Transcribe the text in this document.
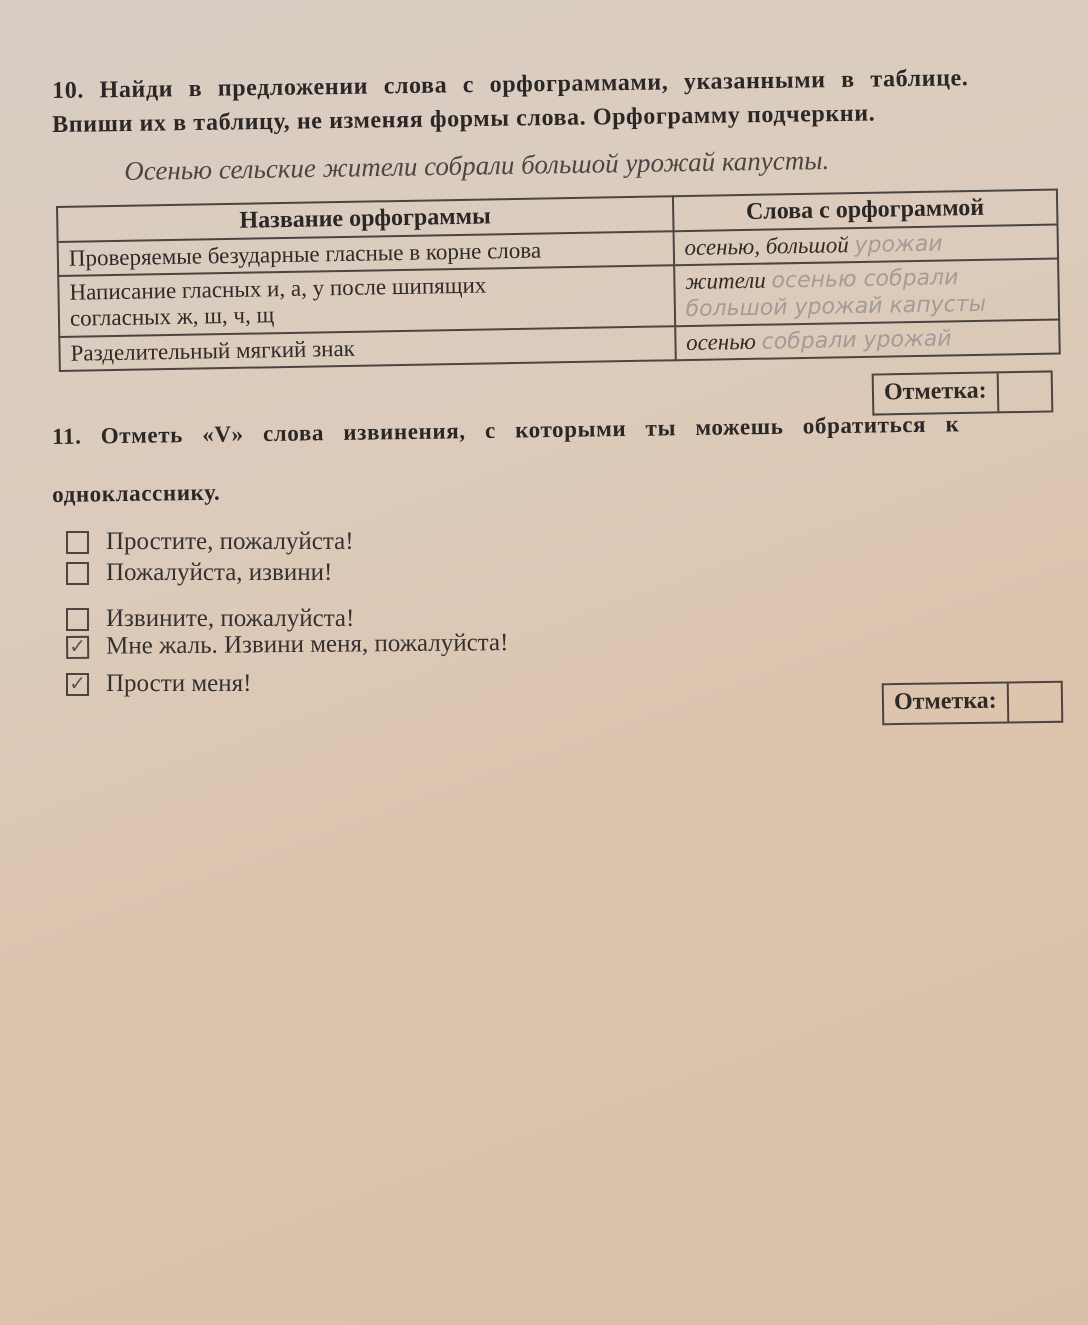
10. Найди в предложении слова с орфограммами, указанными в таблице.
Впиши их в таблицу, не изменяя формы слова. Орфограмму подчеркни.
Осенью сельские жители собрали большой урожай капусты.
Название орфограммы	Слова с орфограммой
Проверяемые безударные гласные в корне слова	осенью, большой урожаи
Написание гласных и, а, у после шипящих
согласных ж, ш, ч, щ	жители осенью собрали
большой урожай капусты

Разделительный мягкий знак	осенью собрали урожай
Отметка:
11. Отметь «V» слова извинения, с которыми ты можешь обратиться к
однокласснику.
Простите, пожалуйста!
Пожалуйста, извини!
Извините, пожалуйста!
✓ Мне жаль. Извини меня, пожалуйста!
✓ Прости меня!
Отметка:
